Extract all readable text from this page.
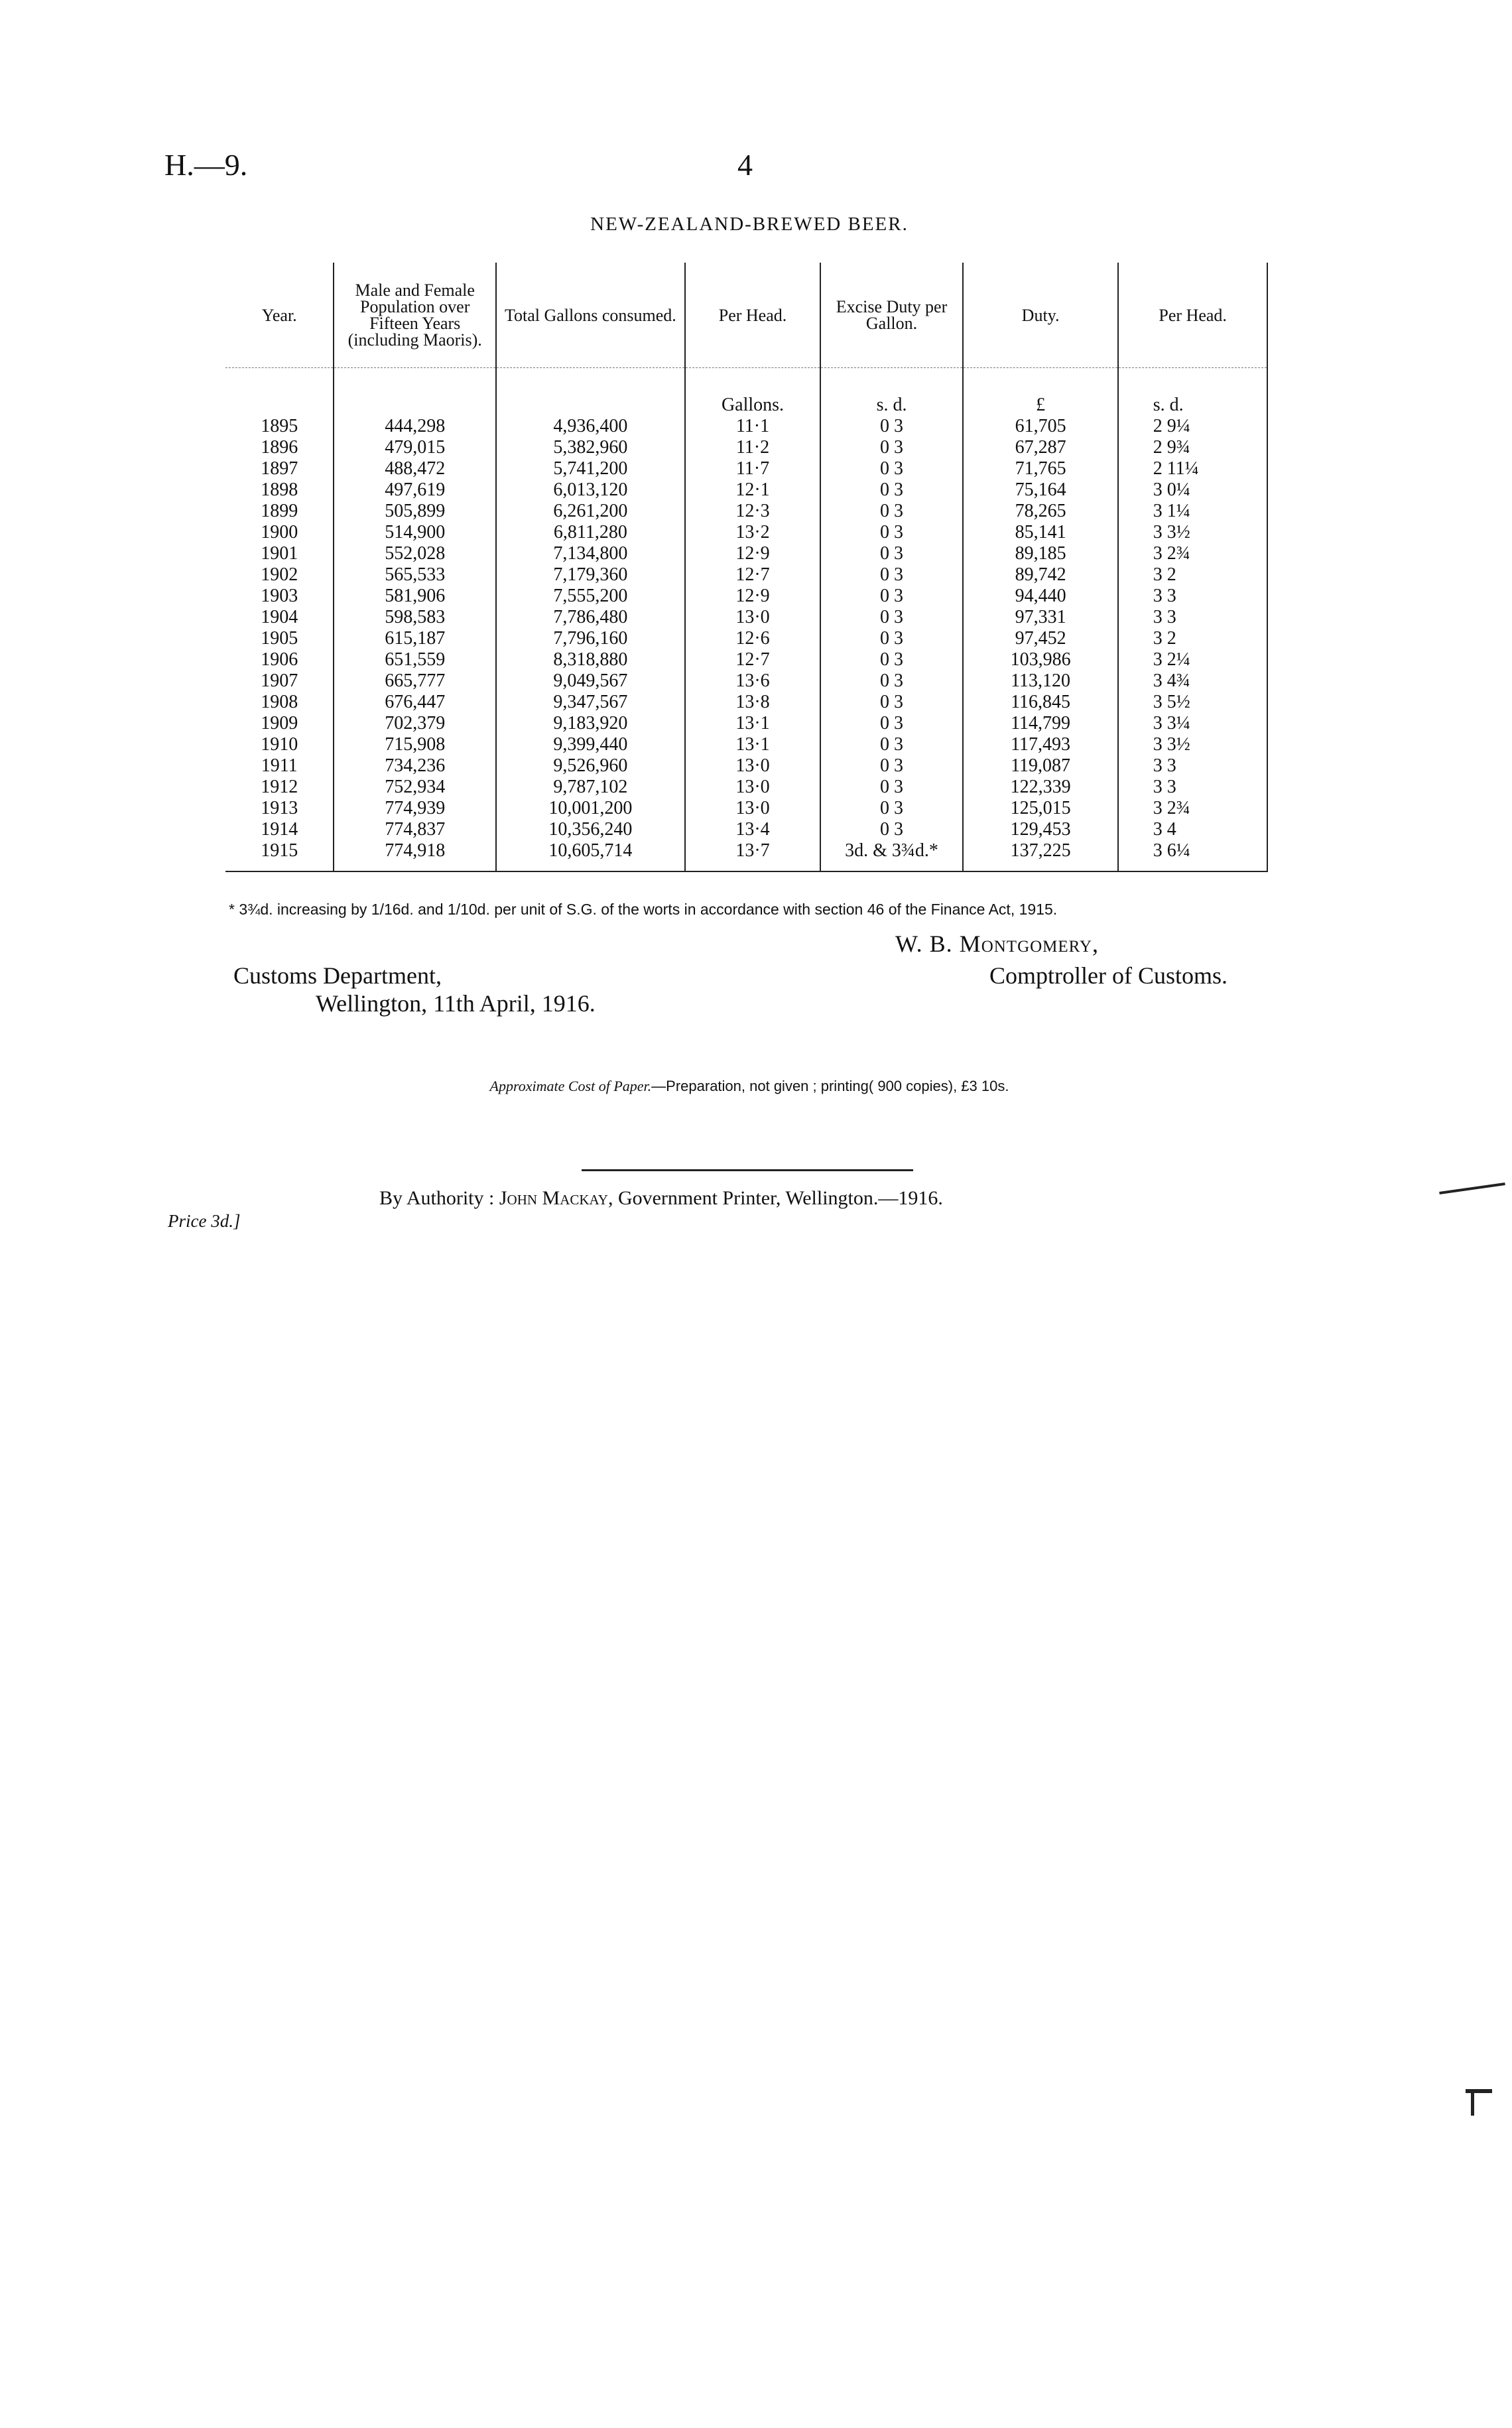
H.—9.	4
NEW-ZEALAND-BREWED BEER.
Year.	Male and Female Population over Fifteen Years (including Maoris).	Total Gallons consumed.	Per Head.	Excise Duty per Gallon.	Duty.	Per Head.
			Gallons.	s. d.	£	s. d.
1895	444,298	4,936,400	11·1	0 3	61,705	2 9¼
1896	479,015	5,382,960	11·2	0 3	67,287	2 9¾
1897	488,472	5,741,200	11·7	0 3	71,765	2 11¼
1898	497,619	6,013,120	12·1	0 3	75,164	3 0¼
1899	505,899	6,261,200	12·3	0 3	78,265	3 1¼
1900	514,900	6,811,280	13·2	0 3	85,141	3 3½
1901	552,028	7,134,800	12·9	0 3	89,185	3 2¾
1902	565,533	7,179,360	12·7	0 3	89,742	3 2
1903	581,906	7,555,200	12·9	0 3	94,440	3 3
1904	598,583	7,786,480	13·0	0 3	97,331	3 3
1905	615,187	7,796,160	12·6	0 3	97,452	3 2
1906	651,559	8,318,880	12·7	0 3	103,986	3 2¼
1907	665,777	9,049,567	13·6	0 3	113,120	3 4¾
1908	676,447	9,347,567	13·8	0 3	116,845	3 5½
1909	702,379	9,183,920	13·1	0 3	114,799	3 3¼
1910	715,908	9,399,440	13·1	0 3	117,493	3 3½
1911	734,236	9,526,960	13·0	0 3	119,087	3 3
1912	752,934	9,787,102	13·0	0 3	122,339	3 3
1913	774,939	10,001,200	13·0	0 3	125,015	3 2¾
1914	774,837	10,356,240	13·4	0 3	129,453	3 4
1915	774,918	10,605,714	13·7	3d. & 3¾d.*	137,225	3 6¼
* 3¾d. increasing by 1/16d. and 1/10d. per unit of S.G. of the worts in accordance with section 46 of the Finance Act, 1915.
W. B. Montgomery,
Comptroller of Customs.
Customs Department,
Wellington, 11th April, 1916.
Approximate Cost of Paper.—Preparation, not given ; printing( 900 copies), £3 10s.
By Authority : John Mackay, Government Printer, Wellington.—1916.
Price 3d.]
